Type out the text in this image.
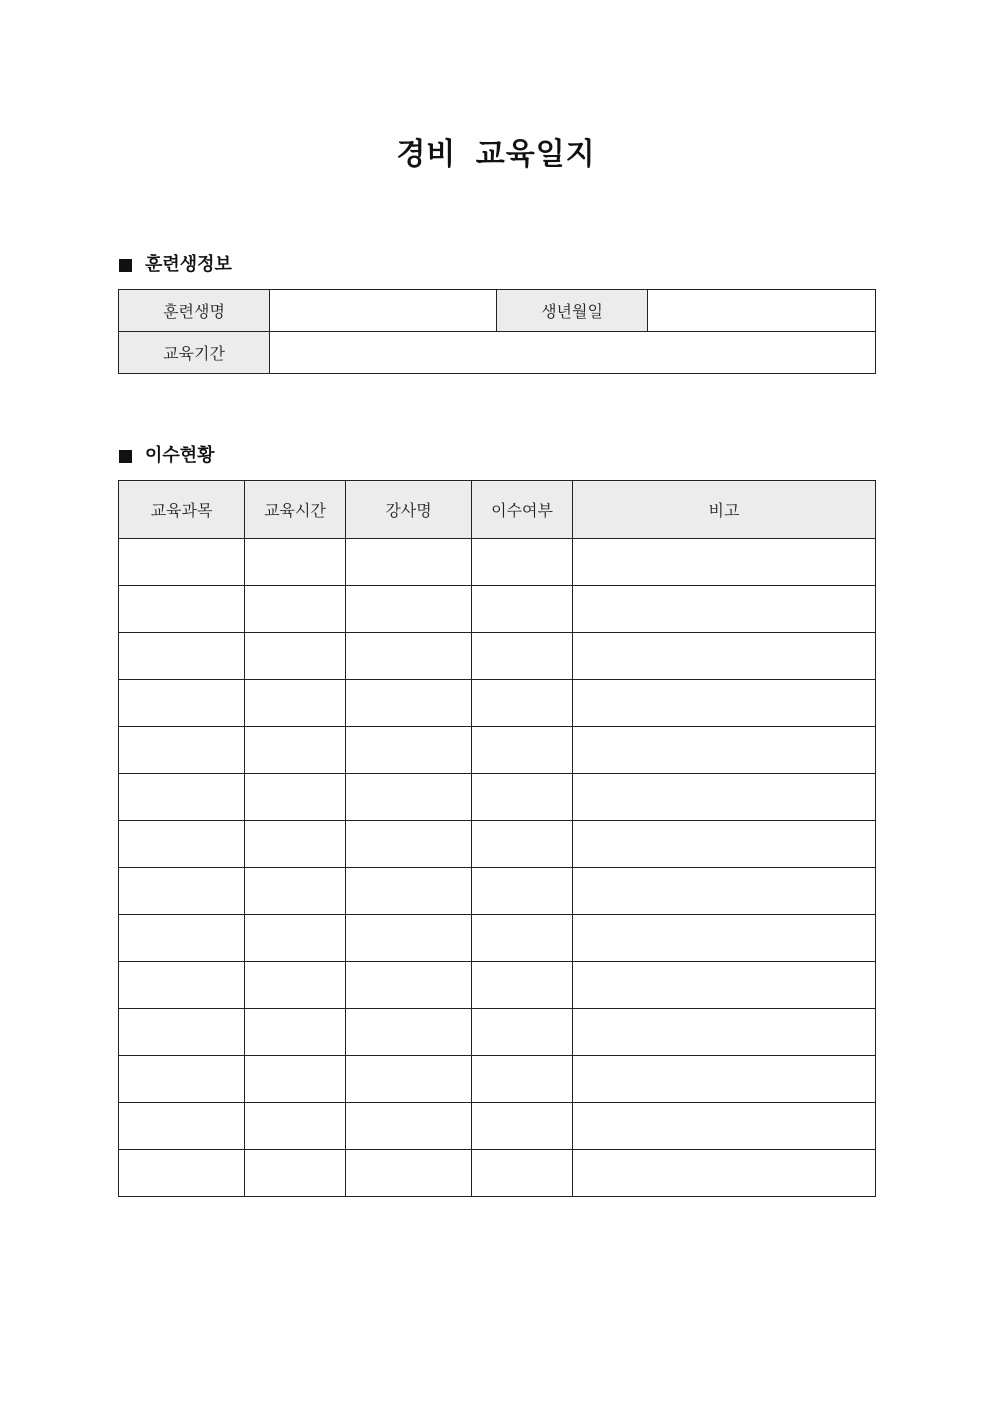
경비 교육일지
훈련생정보
훈련생명		생년월일	
교육기간			
이수현황
교육과목	교육시간	강사명	이수여부	비고
